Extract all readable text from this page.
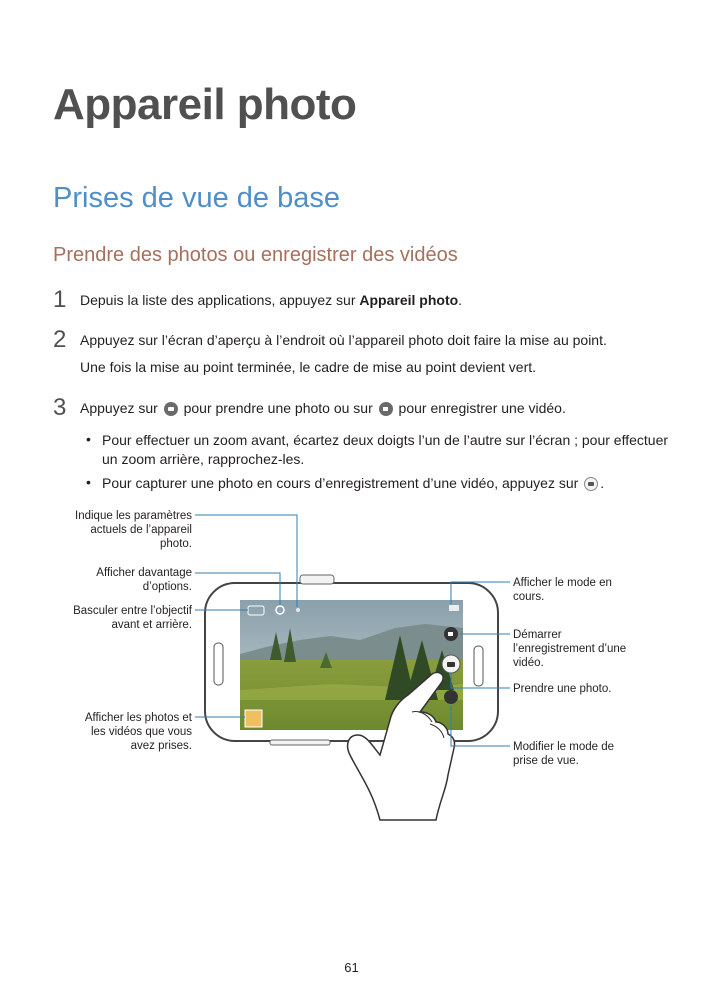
Appareil photo
Prises de vue de base
Prendre des photos ou enregistrer des vidéos
1 Depuis la liste des applications, appuyez sur Appareil photo.
2 Appuyez sur l’écran d’aperçu à l’endroit où l’appareil photo doit faire la mise au point.
Une fois la mise au point terminée, le cadre de mise au point devient vert.
3 Appuyez sur  pour prendre une photo ou sur  pour enregistrer une vidéo.
• Pour effectuer un zoom avant, écartez deux doigts l’un de l’autre sur l’écran ; pour effectuer
un zoom arrière, rapprochez-les.
• Pour capturer une photo en cours d’enregistrement d’une vidéo, appuyez sur .
Indique les paramètres
actuels de l’appareil
photo.
Afficher davantage
d’options.
Basculer entre l’objectif
avant et arrière.
Afficher les photos et
les vidéos que vous
avez prises.
Afficher le mode en
cours.
Démarrer
l’enregistrement d’une
vidéo.
Prendre une photo.
Modifier le mode de
prise de vue.
61
